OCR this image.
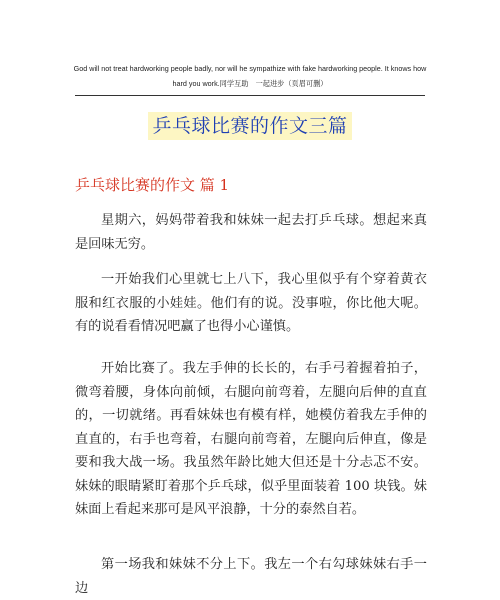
God will not treat hardworking people badly, nor will he sympathize with fake hardworking people. It knows how hard you work.同学互助　一起进步（页眉可删）
乒乓球比赛的作文三篇
乒乓球比赛的作文 篇 1

星期六，妈妈带着我和妹妹一起去打乒乓球。想起来真是回味无穷。

一开始我们心里就七上八下，我心里似乎有个穿着黄衣服和红衣服的小娃娃。他们有的说。没事啦，你比他大呢。有的说看看情况吧赢了也得小心谨慎。

开始比赛了。我左手伸的长长的，右手弓着握着拍子，微弯着腰，身体向前倾，右腿向前弯着，左腿向后伸的直直的，一切就绪。再看妹妹也有模有样，她模仿着我左手伸的直直的，右手也弯着，右腿向前弯着，左腿向后伸直，像是要和我大战一场。我虽然年龄比她大但还是十分忐忑不安。妹妹的眼睛紧盯着那个乒乓球，似乎里面装着 100 块钱。妹妹面上看起来那可是风平浪静，十分的泰然自若。

第一场我和妹妹不分上下。我左一个右勾球妹妹右手一边
